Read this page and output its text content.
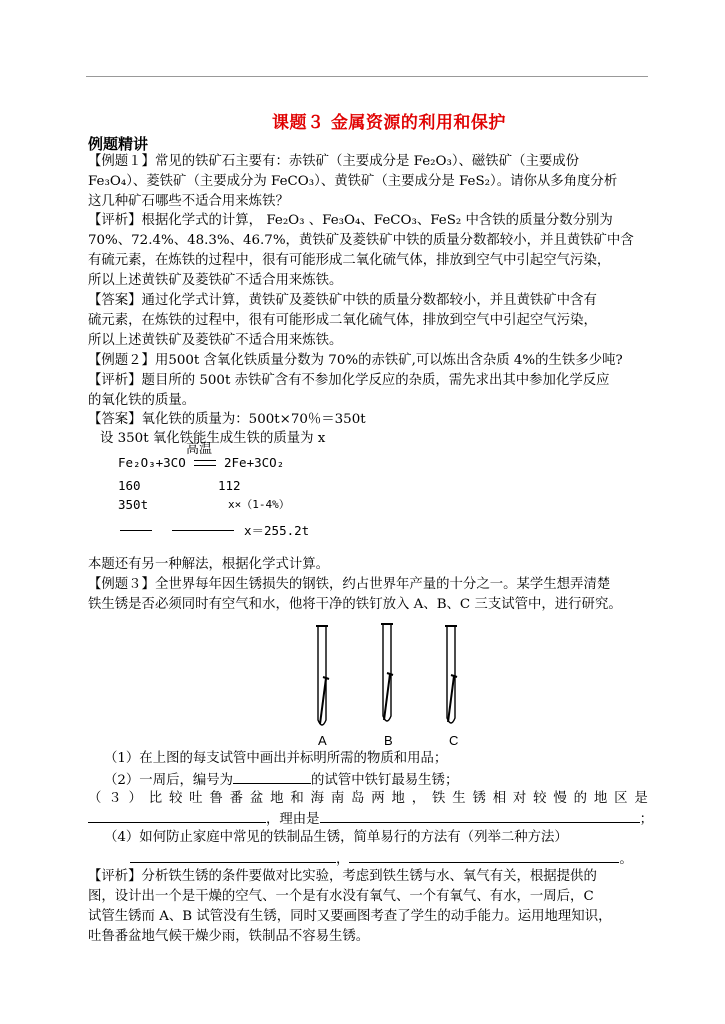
课题３ 金属资源的利用和保护
例题精讲
【例题１】常见的铁矿石主要有：赤铁矿（主要成分是 Fe₂O₃）、磁铁矿（主要成份
Fe₃O₄）、菱铁矿（主要成分为 FeCO₃）、黄铁矿（主要成分是 FeS₂）。请你从多角度分析
这几种矿石哪些不适合用来炼铁？
【评析】根据化学式的计算， Fe₂O₃ 、Fe₃O₄、FeCO₃、FeS₂ 中含铁的质量分数分别为
70%、72.4%、48.3%、46.7%，黄铁矿及菱铁矿中铁的质量分数都较小，并且黄铁矿中含
有硫元素，在炼铁的过程中，很有可能形成二氧化硫气体，排放到空气中引起空气污染，
所以上述黄铁矿及菱铁矿不适合用来炼铁。
【答案】通过化学式计算，黄铁矿及菱铁矿中铁的质量分数都较小，并且黄铁矿中含有
硫元素，在炼铁的过程中，很有可能形成二氧化硫气体，排放到空气中引起空气污染，
所以上述黄铁矿及菱铁矿不适合用来炼铁。
【例题２】用500t 含氧化铁质量分数为 70%的赤铁矿,可以炼出含杂质 4%的生铁多少吨?
【评析】题目所的 500t 赤铁矿含有不参加化学反应的杂质，需先求出其中参加化学反应
的氧化铁的质量。
【答案】氧化铁的质量为：500t×70％＝350t
设 350t 氧化铁能生成生铁的质量为 x
高温
Fe₂O₃+3CO	2Fe+3CO₂
160	112
350t	x×（1-4%）
x＝255.2t
本题还有另一种解法，根据化学式计算。
【例题３】全世界每年因生锈损失的钢铁，约占世界年产量的十分之一。某学生想弄清楚
铁生锈是否必须同时有空气和水，他将干净的铁钉放入 A、B、C 三支试管中，进行研究。
A	B	C
（1）在上图的每支试管中画出并标明所需的物质和用品；
（2）一周后，编号为	的试管中铁钉最易生锈；
（ ３ ） 比 较 吐 鲁 番 盆 地 和 海 南 岛 两 地 ， 铁 生 锈 相 对 较 慢 的 地 区 是
，理由是	；
（4）如何防止家庭中常见的铁制品生锈，简单易行的方法有（列举二种方法）
，	。
【评析】分析铁生锈的条件要做对比实验，考虑到铁生锈与水、氧气有关，根据提供的
图，设计出一个是干燥的空气、一个是有水没有氧气、一个有氧气、有水，一周后，C
试管生锈而 A、B 试管没有生锈，同时又要画图考查了学生的动手能力。运用地理知识，
吐鲁番盆地气候干燥少雨，铁制品不容易生锈。
